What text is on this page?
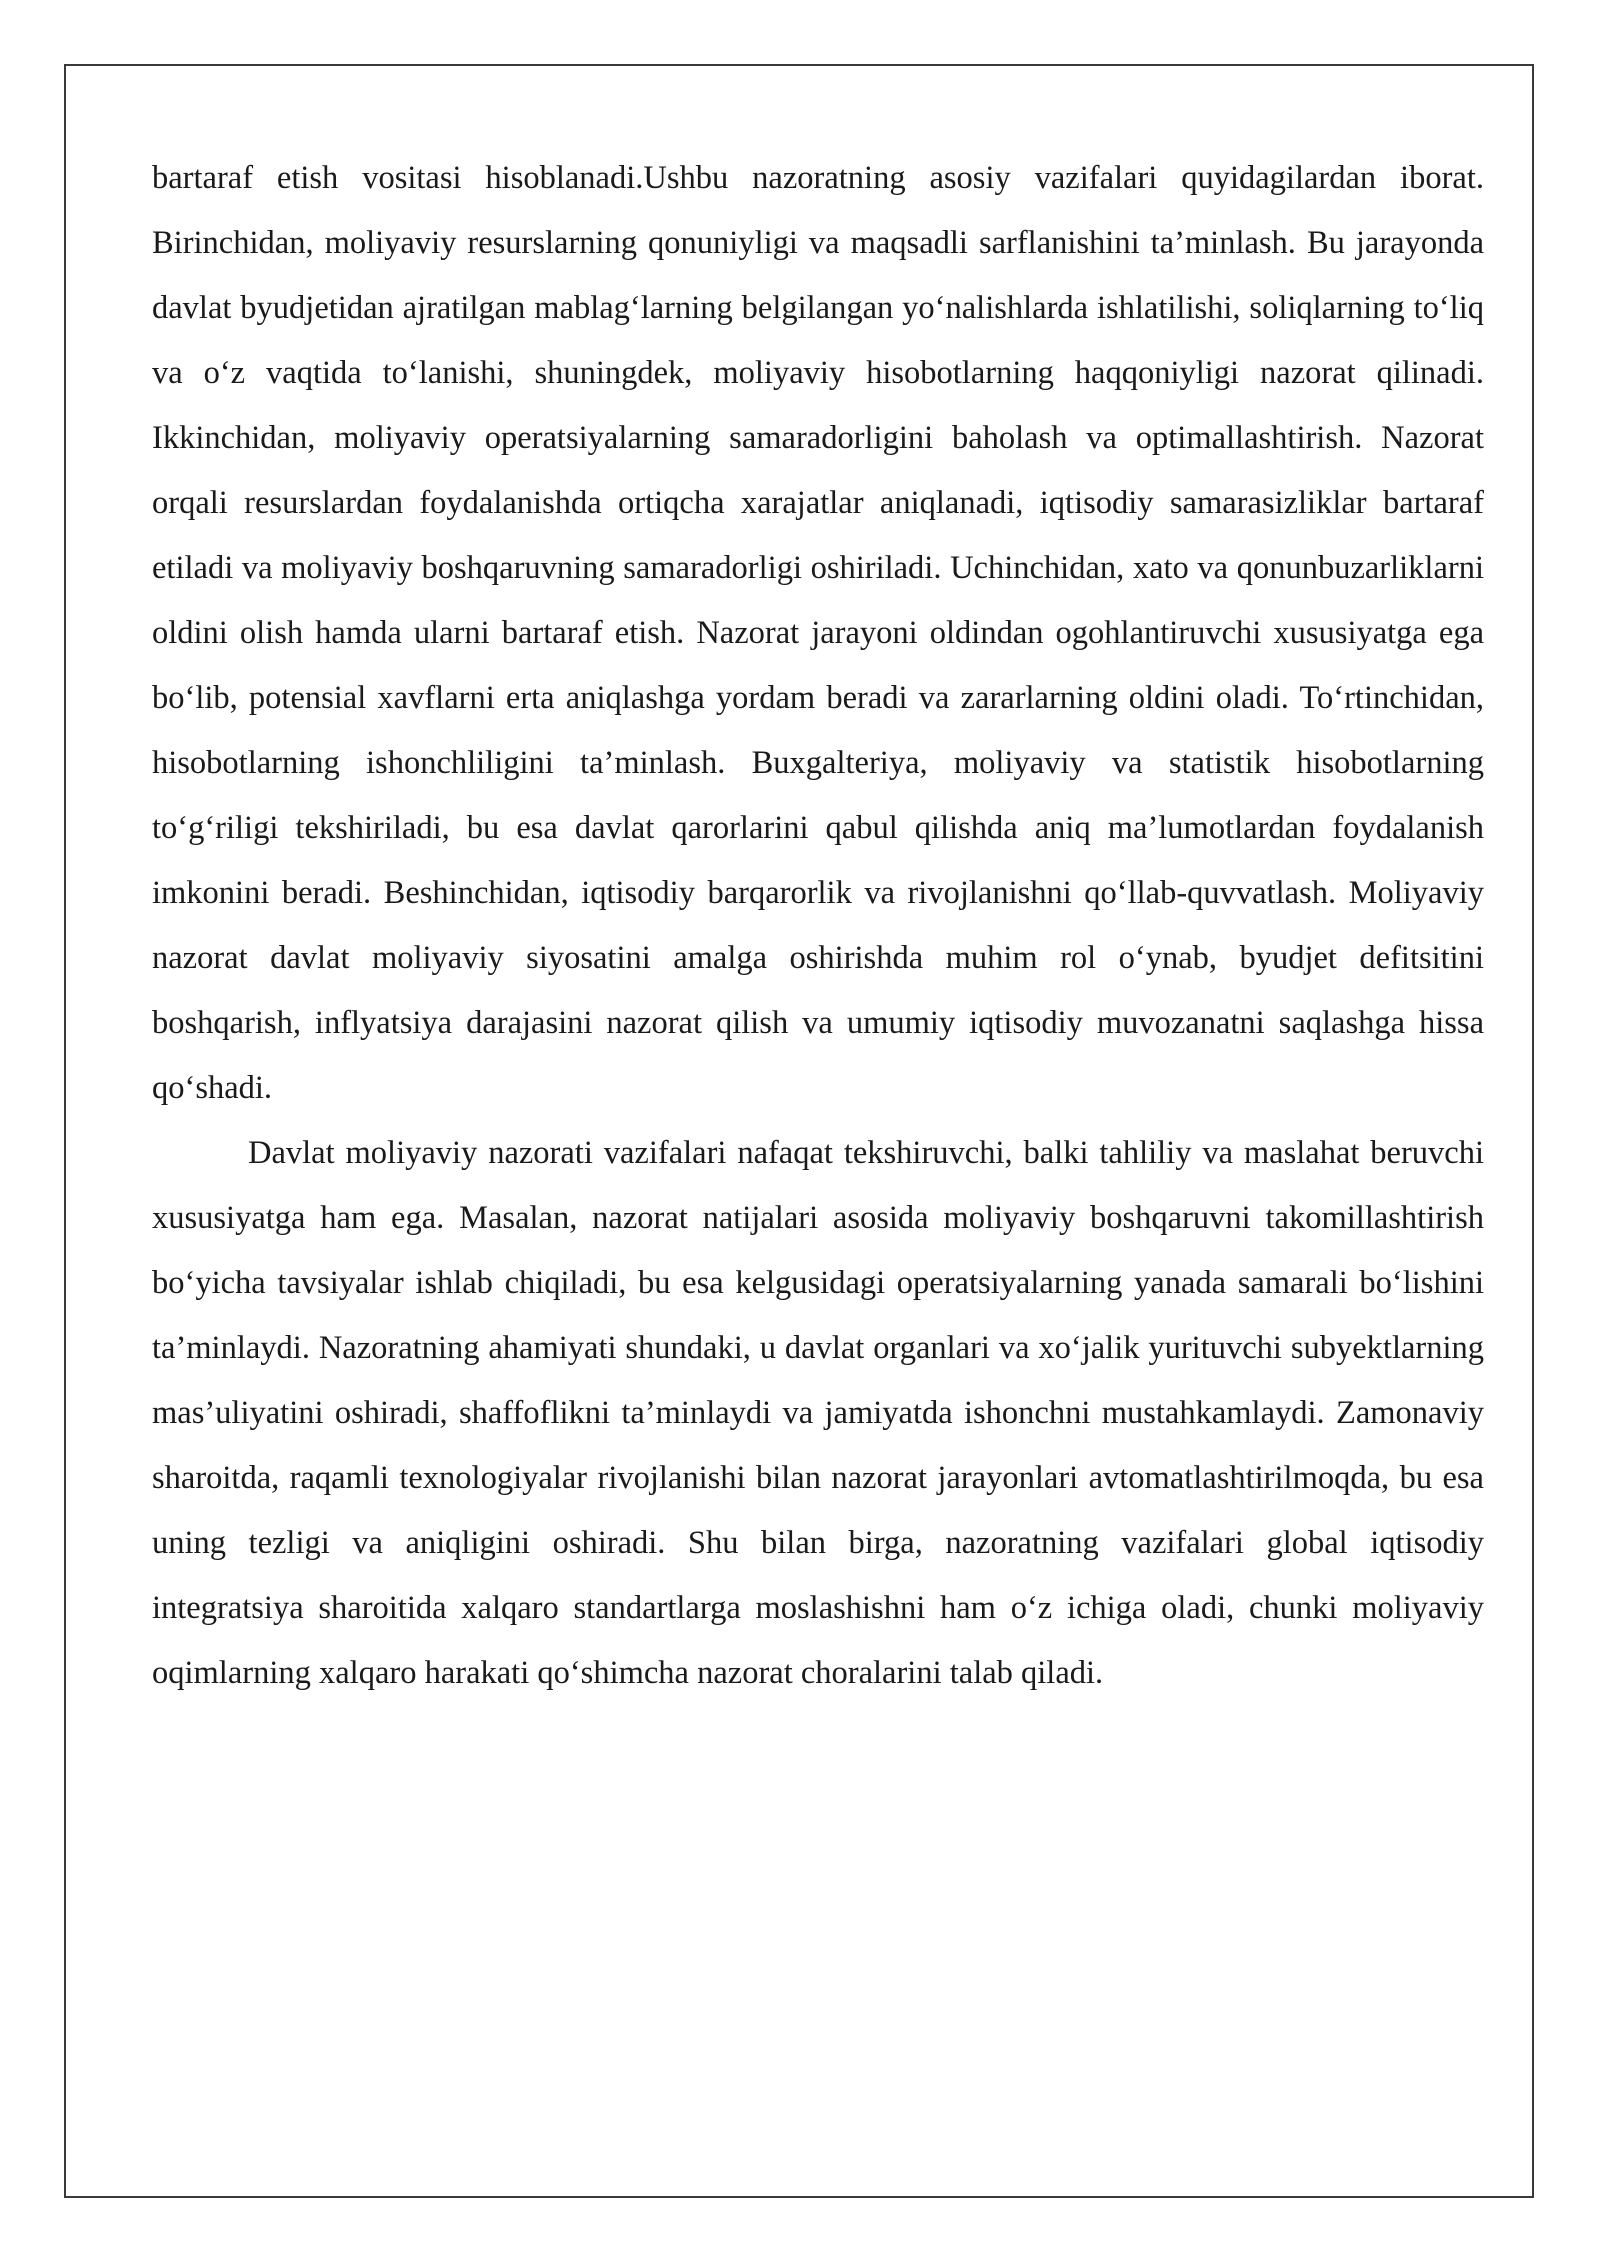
bartaraf etish vositasi hisoblanadi.Ushbu nazoratning asosiy vazifalari quyidagilardan iborat. Birinchidan, moliyaviy resurslarning qonuniyligi va maqsadli sarflanishini ta’minlash. Bu jarayonda davlat byudjetidan ajratilgan mablag‘larning belgilangan yo‘nalishlarda ishlatilishi, soliqlarning to‘liq va o‘z vaqtida to‘lanishi, shuningdek, moliyaviy hisobotlarning haqqoniyligi nazorat qilinadi. Ikkinchidan, moliyaviy operatsiyalarning samaradorligini baholash va optimallashtirish. Nazorat orqali resurslardan foydalanishda ortiqcha xarajatlar aniqlanadi, iqtisodiy samarasizliklar bartaraf etiladi va moliyaviy boshqaruvning samaradorligi oshiriladi. Uchinchidan, xato va qonunbuzarliklarni oldini olish hamda ularni bartaraf etish. Nazorat jarayoni oldindan ogohlantiruvchi xususiyatga ega bo‘lib, potensial xavflarni erta aniqlashga yordam beradi va zararlarning oldini oladi. To‘rtinchidan, hisobotlarning ishonchliligini ta’minlash. Buxgalteriya, moliyaviy va statistik hisobotlarning to‘g‘riligi tekshiriladi, bu esa davlat qarorlarini qabul qilishda aniq ma’lumotlardan foydalanish imkonini beradi. Beshinchidan, iqtisodiy barqarorlik va rivojlanishni qo‘llab-quvvatlash. Moliyaviy nazorat davlat moliyaviy siyosatini amalga oshirishda muhim rol o‘ynab, byudjet defitsitini boshqarish, inflyatsiya darajasini nazorat qilish va umumiy iqtisodiy muvozanatni saqlashga hissa qo‘shadi.

Davlat moliyaviy nazorati vazifalari nafaqat tekshiruvchi, balki tahliliy va maslahat beruvchi xususiyatga ham ega. Masalan, nazorat natijalari asosida moliyaviy boshqaruvni takomillashtirish bo‘yicha tavsiyalar ishlab chiqiladi, bu esa kelgusidagi operatsiyalarning yanada samarali bo‘lishini ta’minlaydi. Nazoratning ahamiyati shundaki, u davlat organlari va xo‘jalik yurituvchi subyektlarning mas’uliyatini oshiradi, shaffoflikni ta’minlaydi va jamiyatda ishonchni mustahkamlaydi. Zamonaviy sharoitda, raqamli texnologiyalar rivojlanishi bilan nazorat jarayonlari avtomatlashtirilmoqda, bu esa uning tezligi va aniqligini oshiradi. Shu bilan birga, nazoratning vazifalari global iqtisodiy integratsiya sharoitida xalqaro standartlarga moslashishni ham o‘z ichiga oladi, chunki moliyaviy oqimlarning xalqaro harakati qo‘shimcha nazorat choralarini talab qiladi.
